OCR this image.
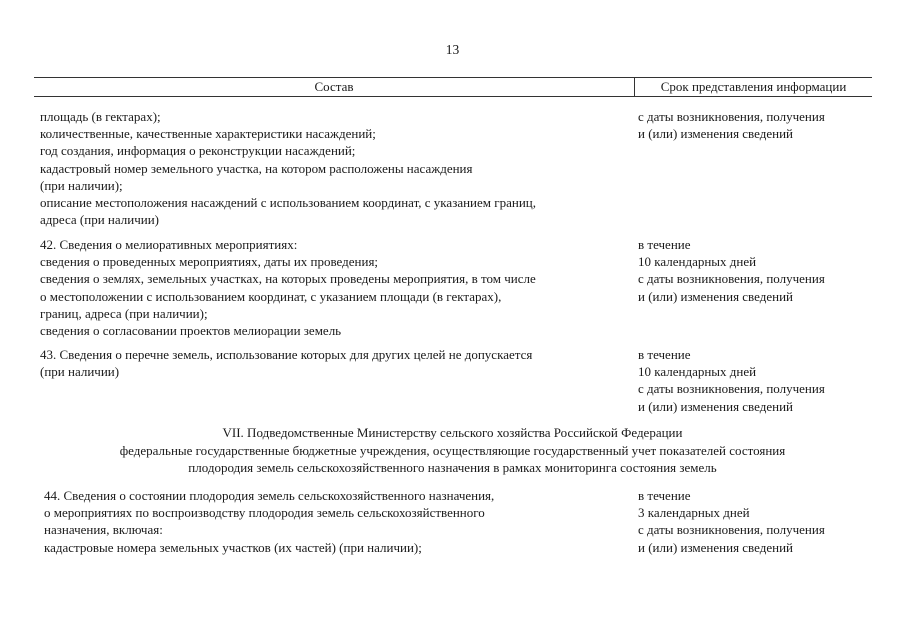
13
Состав	Срок представления информации
площадь (в гектарах);
количественные, качественные характеристики насаждений;
год создания, информация о реконструкции насаждений;
кадастровый номер земельного участка, на котором расположены насаждения
(при наличии);
описание местоположения насаждений с использованием координат, с указанием границ,
адреса (при наличии)
с даты возникновения, получения
и (или) изменения сведений
42. Сведения о мелиоративных мероприятиях:
сведения о проведенных мероприятиях, даты их проведения;
сведения о землях, земельных участках, на которых проведены мероприятия, в том числе
о местоположении с использованием координат, с указанием площади (в гектарах),
границ, адреса (при наличии);
сведения о согласовании проектов мелиорации земель
в течение
10 календарных дней
с даты возникновения, получения
и (или) изменения сведений
43. Сведения о перечне земель, использование которых для других целей не допускается
(при наличии)
в течение
10 календарных дней
с даты возникновения, получения
и (или) изменения сведений
VII. Подведомственные Министерству сельского хозяйства Российской Федерации
федеральные государственные бюджетные учреждения, осуществляющие государственный учет показателей состояния
плодородия земель сельскохозяйственного назначения в рамках мониторинга состояния земель
44. Сведения о состоянии плодородия земель сельскохозяйственного назначения,
о мероприятиях по воспроизводству плодородия земель сельскохозяйственного
назначения, включая:
кадастровые номера земельных участков (их частей) (при наличии);
в течение
3 календарных дней
с даты возникновения, получения
и (или) изменения сведений
